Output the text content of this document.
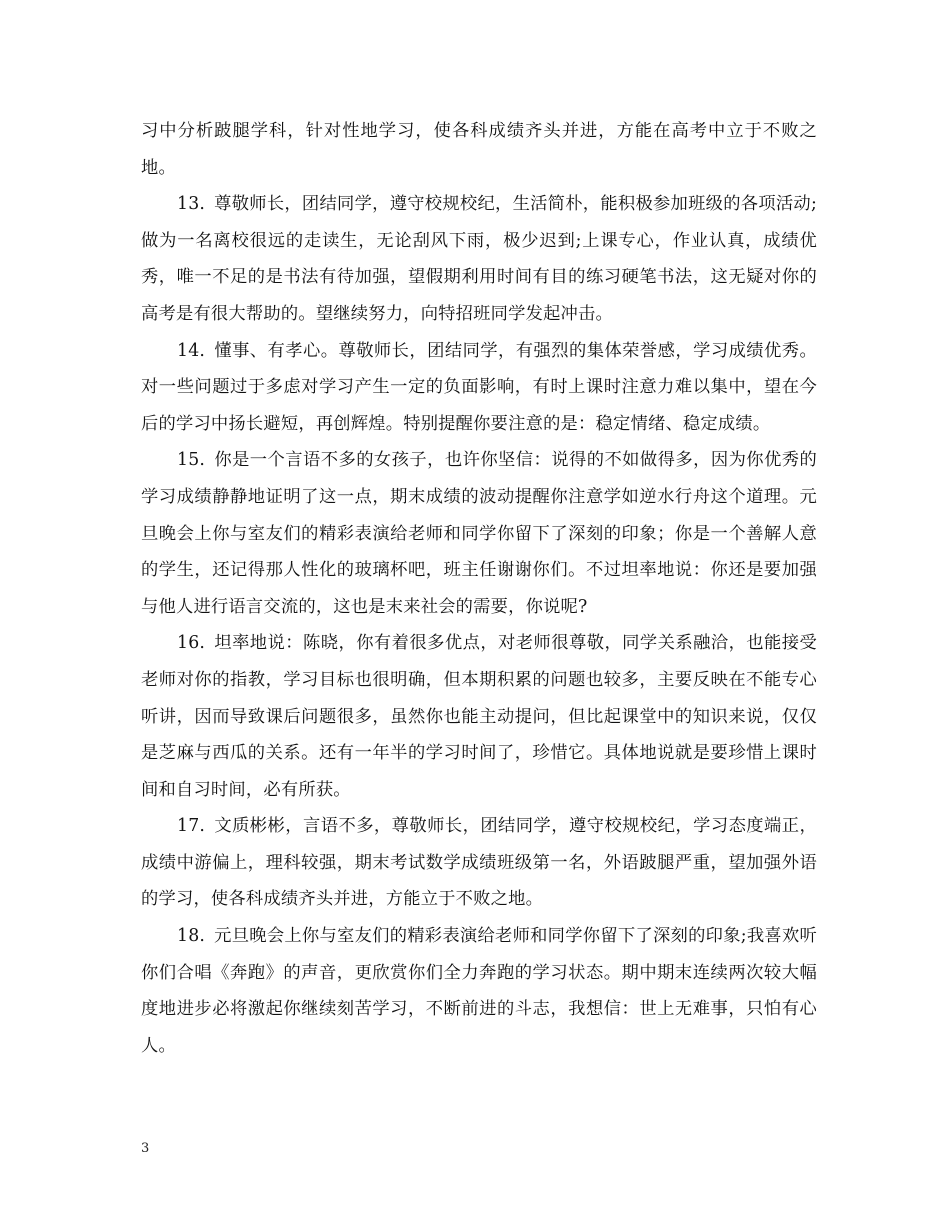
习中分析跛腿学科，针对性地学习，使各科成绩齐头并进，方能在高考中立于不败之地。

13. 尊敬师长，团结同学，遵守校规校纪，生活简朴，能积极参加班级的各项活动;做为一名离校很远的走读生，无论刮风下雨，极少迟到;上课专心，作业认真，成绩优秀，唯一不足的是书法有待加强，望假期利用时间有目的练习硬笔书法，这无疑对你的高考是有很大帮助的。望继续努力，向特招班同学发起冲击。

14. 懂事、有孝心。尊敬师长，团结同学，有强烈的集体荣誉感，学习成绩优秀。对一些问题过于多虑对学习产生一定的负面影响，有时上课时注意力难以集中，望在今后的学习中扬长避短，再创辉煌。特别提醒你要注意的是：稳定情绪、稳定成绩。

15. 你是一个言语不多的女孩子，也许你坚信：说得的不如做得多，因为你优秀的学习成绩静静地证明了这一点，期末成绩的波动提醒你注意学如逆水行舟这个道理。元旦晚会上你与室友们的精彩表演给老师和同学你留下了深刻的印象；你是一个善解人意的学生，还记得那人性化的玻璃杯吧，班主任谢谢你们。不过坦率地说：你还是要加强与他人进行语言交流的，这也是末来社会的需要，你说呢?

16. 坦率地说：陈晓，你有着很多优点，对老师很尊敬，同学关系融洽，也能接受老师对你的指教，学习目标也很明确，但本期积累的问题也较多，主要反映在不能专心听讲，因而导致课后问题很多，虽然你也能主动提问，但比起课堂中的知识来说，仅仅是芝麻与西瓜的关系。还有一年半的学习时间了，珍惜它。具体地说就是要珍惜上课时间和自习时间，必有所获。

17. 文质彬彬，言语不多，尊敬师长，团结同学，遵守校规校纪，学习态度端正，成绩中游偏上，理科较强，期末考试数学成绩班级第一名，外语跛腿严重，望加强外语的学习，使各科成绩齐头并进，方能立于不败之地。

18. 元旦晚会上你与室友们的精彩表演给老师和同学你留下了深刻的印象;我喜欢听你们合唱《奔跑》的声音，更欣赏你们全力奔跑的学习状态。期中期末连续两次较大幅度地进步必将激起你继续刻苦学习，不断前进的斗志，我想信：世上无难事，只怕有心人。

3
